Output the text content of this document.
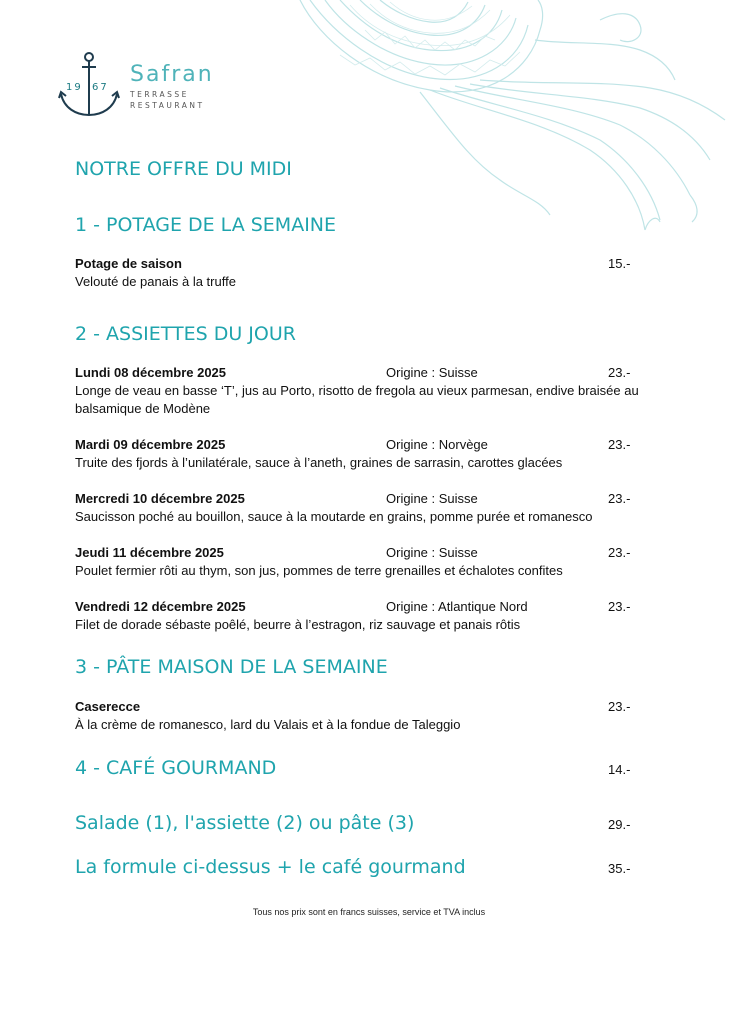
19 67
Safran
TERRASSE
RESTAURANT
NOTRE OFFRE DU MIDI
1 - POTAGE DE LA SEMAINE
Potage de saison	15.-
Velouté de panais à la truffe
2 - ASSIETTES DU JOUR
Lundi 08 décembre 2025	Origine : Suisse	23.-
Longe de veau en basse ‘T’, jus au Porto, risotto de fregola au vieux parmesan, endive braisée au balsamique de Modène
Mardi 09 décembre 2025	Origine : Norvège	23.-
Truite des fjords à l’unilatérale, sauce à l’aneth, graines de sarrasin, carottes glacées
Mercredi 10 décembre 2025	Origine : Suisse	23.-
Saucisson poché au bouillon, sauce à la moutarde en grains, pomme purée et romanesco
Jeudi 11 décembre 2025	Origine : Suisse	23.-
Poulet fermier rôti au thym, son jus, pommes de terre grenailles et échalotes confites
Vendredi 12 décembre 2025	Origine : Atlantique Nord	23.-
Filet de dorade sébaste poêlé, beurre à l’estragon, riz sauvage et panais rôtis
3 - PÂTE MAISON DE LA SEMAINE
Caserecce	23.-
À la crème de romanesco, lard du Valais et à la fondue de Taleggio
4 - CAFÉ GOURMAND	14.-
Salade (1), l'assiette (2) ou pâte (3)	29.-
La formule ci-dessus + le café gourmand	35.-
Tous nos prix sont en francs suisses, service et TVA inclus
